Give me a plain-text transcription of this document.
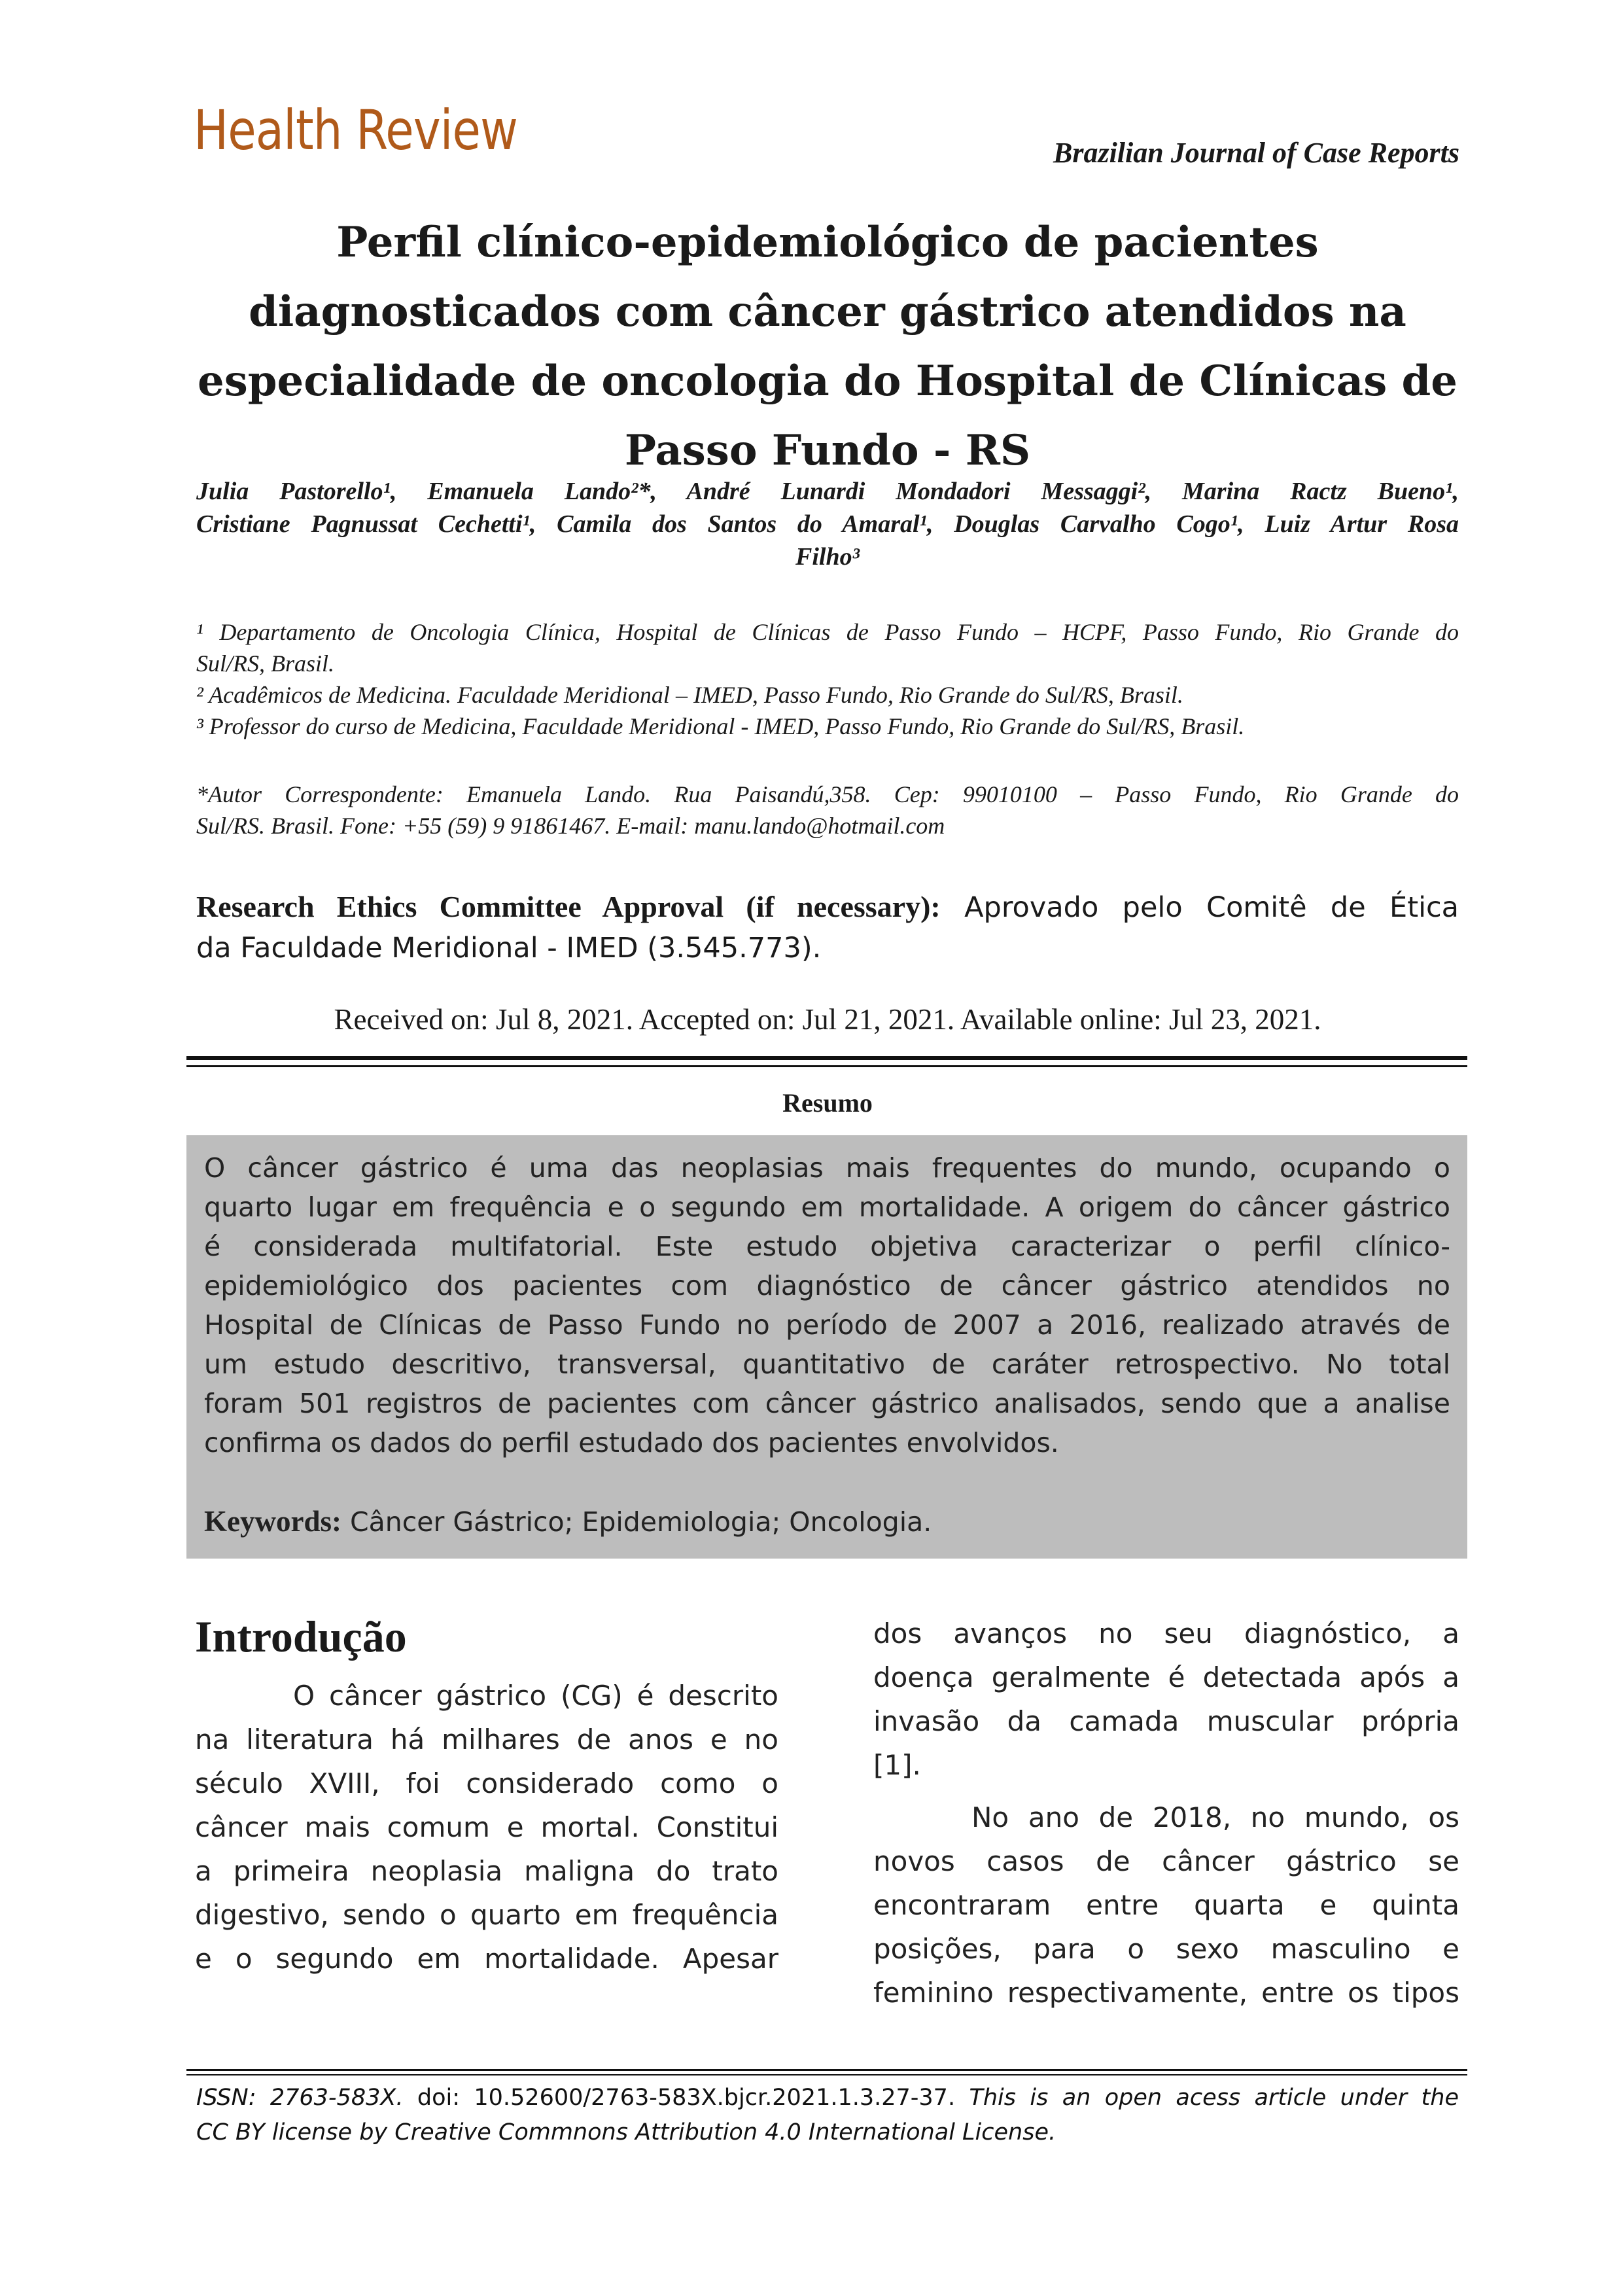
Health Review	Brazilian Journal of Case Reports
Perfil clínico-epidemiológico de pacientes
diagnosticados com câncer gástrico atendidos na
especialidade de oncologia do Hospital de Clínicas de
Passo Fundo - RS
Julia Pastorello¹, Emanuela Lando²*, André Lunardi Mondadori Messaggi², Marina Ractz Bueno¹,
Cristiane Pagnussat Cechetti¹, Camila dos Santos do Amaral¹, Douglas Carvalho Cogo¹, Luiz Artur Rosa
Filho³
¹ Departamento de Oncologia Clínica, Hospital de Clínicas de Passo Fundo – HCPF, Passo Fundo, Rio Grande do
Sul/RS, Brasil.
² Acadêmicos de Medicina. Faculdade Meridional – IMED, Passo Fundo, Rio Grande do Sul/RS, Brasil.
³ Professor do curso de Medicina, Faculdade Meridional - IMED, Passo Fundo, Rio Grande do Sul/RS, Brasil.
*Autor Correspondente: Emanuela Lando. Rua Paisandú,358. Cep: 99010100 – Passo Fundo, Rio Grande do
Sul/RS. Brasil. Fone: +55 (59) 9 91861467. E-mail: manu.lando@hotmail.com
Research Ethics Committee Approval (if necessary): Aprovado pelo Comitê de Ética
da Faculdade Meridional - IMED (3.545.773).
Received on: Jul 8, 2021. Accepted on: Jul 21, 2021. Available online: Jul 23, 2021.
Resumo
O câncer gástrico é uma das neoplasias mais frequentes do mundo, ocupando o
quarto lugar em frequência e o segundo em mortalidade. A origem do câncer gástrico
é considerada multifatorial. Este estudo objetiva caracterizar o perfil clínico-
epidemiológico dos pacientes com diagnóstico de câncer gástrico atendidos no
Hospital de Clínicas de Passo Fundo no período de 2007 a 2016, realizado através de
um estudo descritivo, transversal, quantitativo de caráter retrospectivo. No total
foram 501 registros de pacientes com câncer gástrico analisados, sendo que a analise
confirma os dados do perfil estudado dos pacientes envolvidos.
Keywords: Câncer Gástrico; Epidemiologia; Oncologia.
Introdução
O câncer gástrico (CG) é descrito
na literatura há milhares de anos e no
século XVIII, foi considerado como o
câncer mais comum e mortal. Constitui
a primeira neoplasia maligna do trato
digestivo, sendo o quarto em frequência
e o segundo em mortalidade. Apesar
dos avanços no seu diagnóstico, a
doença geralmente é detectada após a
invasão da camada muscular própria
[1].
No ano de 2018, no mundo, os
novos casos de câncer gástrico se
encontraram entre quarta e quinta
posições, para o sexo masculino e
feminino respectivamente, entre os tipos
ISSN: 2763-583X. doi: 10.52600/2763-583X.bjcr.2021.1.3.27-37. This is an open acess article under the
CC BY license by Creative Commnons Attribution 4.0 International License.
